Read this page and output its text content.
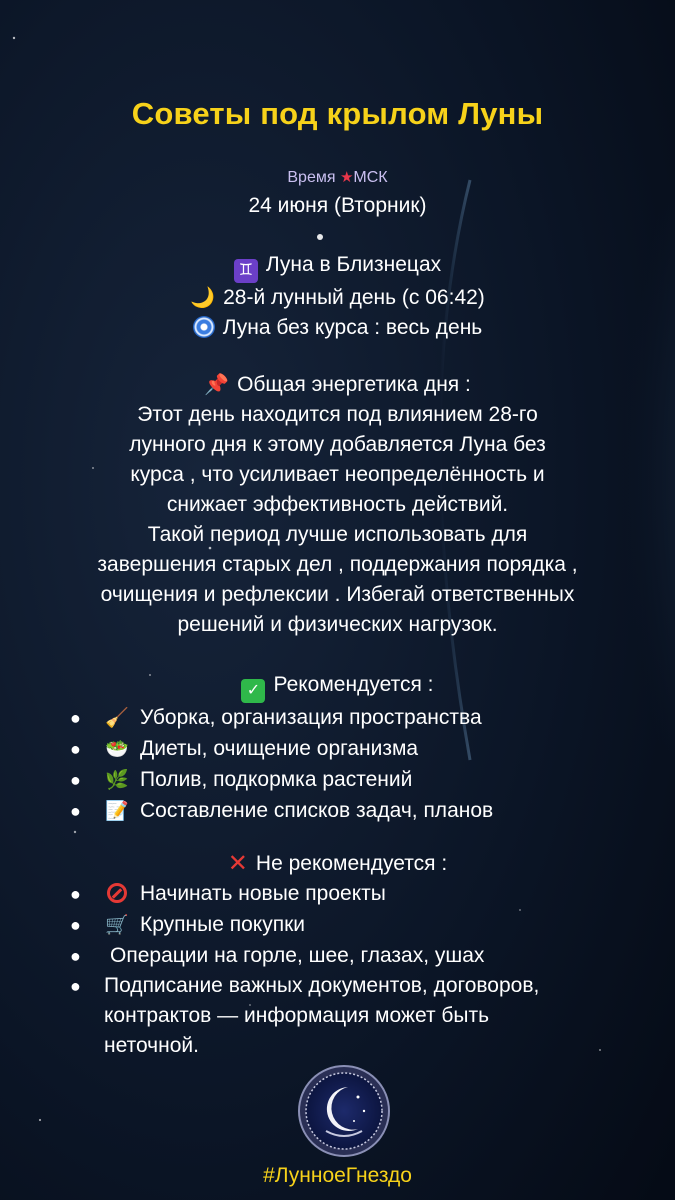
Советы под крылом Луны
Время ★МСК
24 июня (Вторник)
♊ Луна в Близнецах
🌙 28-й лунный день (с 06:42)
Луна без курса : весь день
📌 Общая энергетика дня :
Этот день находится под влиянием 28-го
лунного дня к этому добавляется Луна без
курса , что усиливает неопределённость и
снижает эффективность действий.
Такой период лучше использовать для
завершения старых дел , поддержания порядка ,
очищения и рефлексии . Избегай ответственных
решений и физических нагрузок.
✓ Рекомендуется :
● 🧹 Уборка, организация пространства
● 🥗 Диеты, очищение организма
● 🌿 Полив, подкормка растений
● 📝 Составление списков задач, планов
✕ Не рекомендуется :
●	Начинать новые проекты
● 🛒 Крупные покупки
● Операции на горле, шее, глазах, ушах
● Подписание важных документов, договоров, контрактов — информация может быть неточной.
#ЛунноеГнездо
